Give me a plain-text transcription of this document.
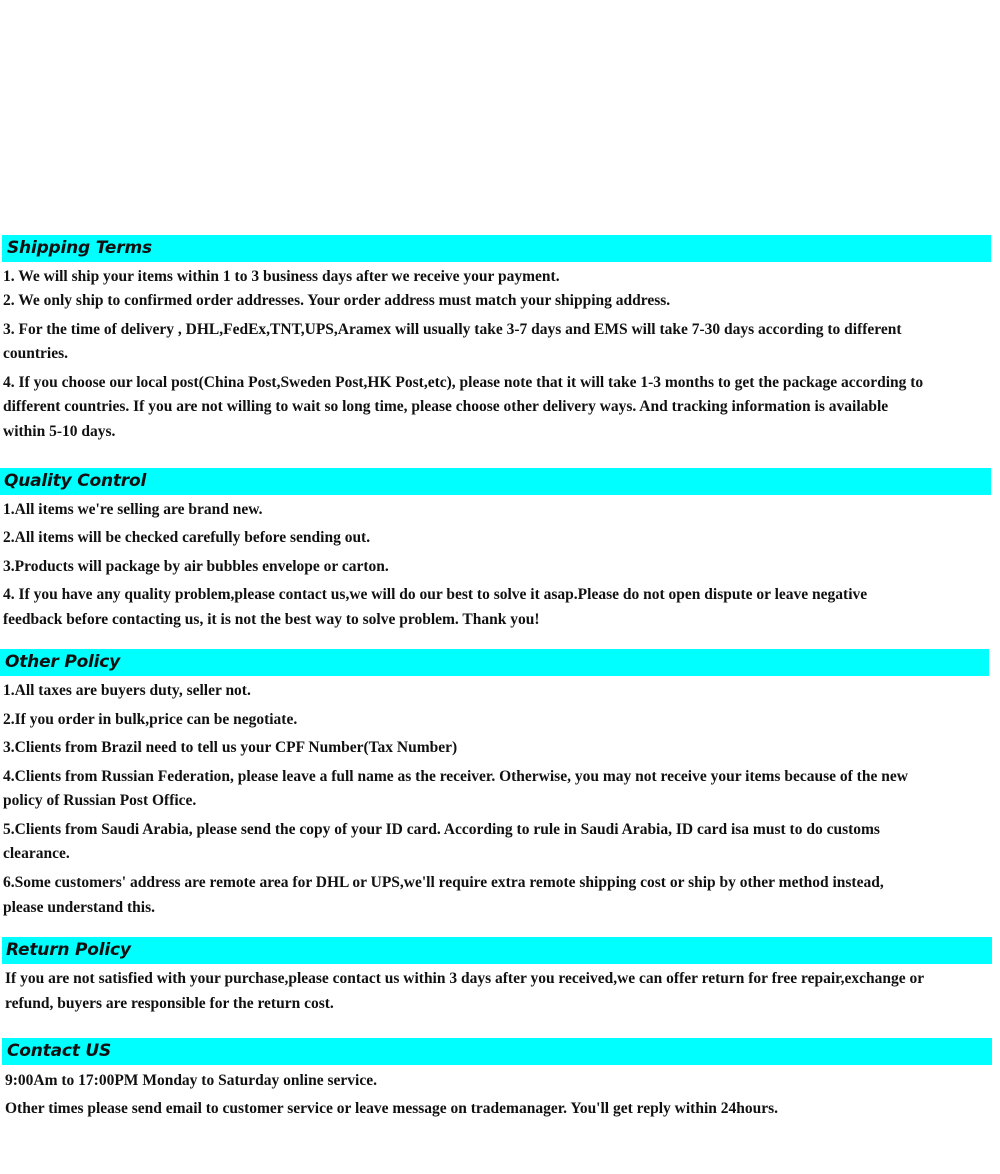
Shipping Terms
1. We will ship your items within 1 to 3 business days after we receive your payment.
2. We only ship to confirmed order addresses. Your order address must match your shipping address.
3. For the time of delivery , DHL,FedEx,TNT,UPS,Aramex will usually take 3-7 days and EMS will take 7-30 days according to different
countries.
4. If you choose our local post(China Post,Sweden Post,HK Post,etc), please note that it will take 1-3 months to get the package according to
different countries. If you are not willing to wait so long time, please choose other delivery ways. And tracking information is available
within 5-10 days.
Quality Control
1.All items we're selling are brand new.
2.All items will be checked carefully before sending out.
3.Products will package by air bubbles envelope or carton.
4. If you have any quality problem,please contact us,we will do our best to solve it asap.Please do not open dispute or leave negative
feedback before contacting us, it is not the best way to solve problem. Thank you!
Other Policy
1.All taxes are buyers duty, seller not.
2.If you order in bulk,price can be negotiate.
3.Clients from Brazil need to tell us your CPF Number(Tax Number)
4.Clients from Russian Federation, please leave a full name as the receiver. Otherwise, you may not receive your items because of the new
policy of Russian Post Office.
5.Clients from Saudi Arabia, please send the copy of your ID card. According to rule in Saudi Arabia, ID card isa must to do customs
clearance.
6.Some customers' address are remote area for DHL or UPS,we'll require extra remote shipping cost or ship by other method instead,
please understand this.
Return Policy
If you are not satisfied with your purchase,please contact us within 3 days after you received,we can offer return for free repair,exchange or
refund, buyers are responsible for the return cost.
Contact US
9:00Am to 17:00PM Monday to Saturday online service.
Other times please send email to customer service or leave message on trademanager. You'll get reply within 24hours.
